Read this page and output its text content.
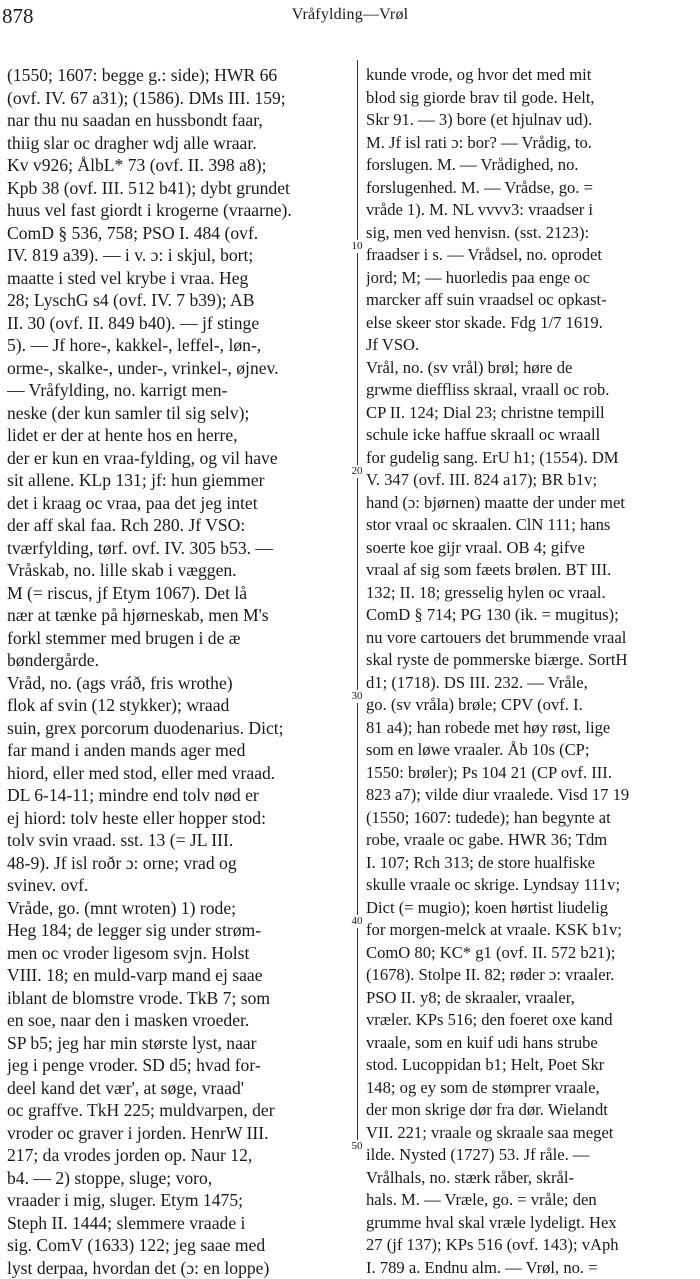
878	Vråfylding—Vrøl
10
20
30
40
50
(1550; 1607: begge g.: side); HWR 66
(ovf. IV. 67 a31); (1586). DMs III. 159;
nar thu nu saadan en hussbondt faar,
thiig slar oc dragher wdj alle wraar.
Kv v926; ÅlbL* 73 (ovf. II. 398 a8);
Kpb 38 (ovf. III. 512 b41); dybt grundet
huus vel fast giordt i krogerne (vraarne).
ComD § 536, 758; PSO I. 484 (ovf.
IV. 819 a39). — i v. ɔ: i skjul, bort;
maatte i sted vel krybe i vraa. Heg
28; LyschG s4 (ovf. IV. 7 b39); AB
II. 30 (ovf. II. 849 b40). — jf stinge
5). — Jf hore-, kakkel-, leffel-, løn-,
orme-, skalke-, under-, vrinkel-, øjnev.
— Vråfylding, no. karrigt men-
neske (der kun samler til sig selv);
lidet er der at hente hos en herre,
der er kun en vraa-fylding, og vil have
sit allene. KLp 131; jf: hun giemmer
det i kraag oc vraa, paa det jeg intet
der aff skal faa. Rch 280. Jf VSO:
tværfylding, tørf. ovf. IV. 305 b53. —
Vråskab, no. lille skab i væggen.
M (= riscus, jf Etym 1067). Det lå
nær at tænke på hjørneskab, men M's
forkl stemmer med brugen i de æ
bøndergårde.
Vråd, no. (ags vráð, fris wrothe)
flok af svin (12 stykker); wraad
suin, grex porcorum duodenarius. Dict;
far mand i anden mands ager med
hiord, eller med stod, eller med vraad.
DL 6-14-11; mindre end tolv nød er
ej hiord: tolv heste eller hopper stod:
tolv svin vraad. sst. 13 (= JL III.
48-9). Jf isl roðr ɔ: orne; vrad og
svinev. ovf.
Vråde, go. (mnt wroten) 1) rode;
Heg 184; de legger sig under strøm-
men oc vroder ligesom svjn. Holst
VIII. 18; en muld-varp mand ej saae
iblant de blomstre vrode. TkB 7; som
en soe, naar den i masken vroeder.
SP b5; jeg har min største lyst, naar
jeg i penge vroder. SD d5; hvad for-
deel kand det vær', at søge, vraad'
oc graffve. TkH 225; muldvarpen, der
vroder oc graver i jorden. HenrW III.
217; da vrodes jorden op. Naur 12,
b4. — 2) stoppe, sluge; voro,
vraader i mig, sluger. Etym 1475;
Steph II. 1444; slemmere vraade i
sig. ComV (1633) 122; jeg saae med
lyst derpaa, hvordan det (ɔ: en loppe)
kunde vrode, og hvor det med mit
blod sig giorde brav til gode. Helt,
Skr 91. — 3) bore (et hjulnav ud).
M. Jf isl rati ɔ: bor? — Vrådig, to.
forslugen. M. — Vrådighed, no.
forslugenhed. M. — Vrådse, go. =
vråde 1). M. NL vvvv3: vraadser i
sig, men ved henvisn. (sst. 2123):
fraadser i s. — Vrådsel, no. oprodet
jord; M; — huorledis paa enge oc
marcker aff suin vraadsel oc opkast-
else skeer stor skade. Fdg 1/7 1619.
Jf VSO.
Vrål, no. (sv vrål) brøl; høre de
grwme dieffliss skraal, vraall oc rob.
CP II. 124; Dial 23; christne tempill
schule icke haffue skraall oc wraall
for gudelig sang. ErU h1; (1554). DM
V. 347 (ovf. III. 824 a17); BR b1v;
hand (ɔ: bjørnen) maatte der under met
stor vraal oc skraalen. ClN 111; hans
soerte koe gijr vraal. OB 4; gifve
vraal af sig som fæets brølen. BT III.
132; II. 18; gresselig hylen oc vraal.
ComD § 714; PG 130 (ik. = mugitus);
nu vore cartouers det brummende vraal
skal ryste de pommerske biærge. SortH
d1; (1718). DS III. 232. — Vråle,
go. (sv vråla) brøle; CPV (ovf. I.
81 a4); han robede met høy røst, lige
som en løwe vraaler. Åb 10s (CP;
1550: brøler); Ps 104 21 (CP ovf. III.
823 a7); vilde diur vraalede. Visd 17 19
(1550; 1607: tudede); han begynte at
robe, vraale oc gabe. HWR 36; Tdm
I. 107; Rch 313; de store hualfiske
skulle vraale oc skrige. Lyndsay 111v;
Dict (= mugio); koen hørtist liudelig
for morgen-melck at vraale. KSK b1v;
ComO 80; KC* g1 (ovf. II. 572 b21);
(1678). Stolpe II. 82; røder ɔ: vraaler.
PSO II. y8; de skraaler, vraaler,
vræler. KPs 516; den foeret oxe kand
vraale, som en kuif udi hans strube
stod. Lucoppidan b1; Helt, Poet Skr
148; og ey som de stømprer vraale,
der mon skrige dør fra dør. Wielandt
VII. 221; vraale og skraale saa meget
ilde. Nysted (1727) 53. Jf råle. —
Vrålhals, no. stærk råber, skrål-
hals. M. — Vræle, go. = vråle; den
grumme hval skal vræle lydeligt. Hex
27 (jf 137); KPs 516 (ovf. 143); vAph
I. 789 a. Endnu alm. — Vrøl, no. =
